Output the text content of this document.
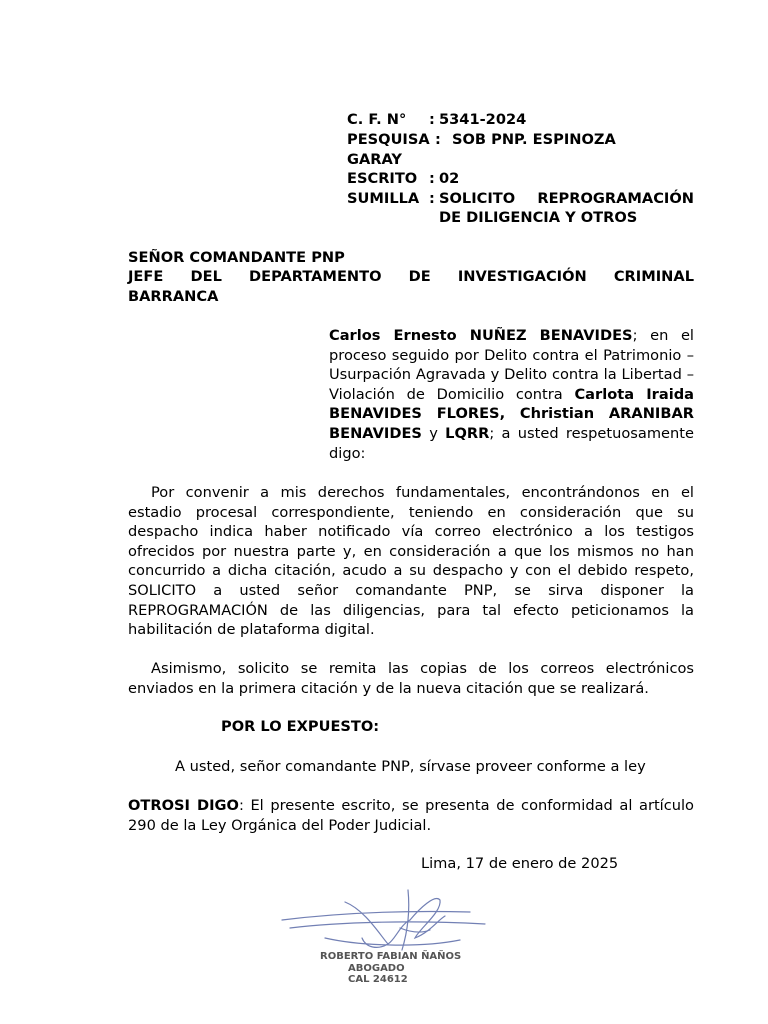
C. F. N°	: 5341-2024
PESQUISA : SOB PNP. ESPINOZA
GARAY
ESCRITO : 02
SUMILLA : SOLICITO REPROGRAMACIÓN
DE DILIGENCIA Y OTROS
SEÑOR COMANDANTE PNP
JEFE DEL DEPARTAMENTO DE INVESTIGACIÓN CRIMINAL
BARRANCA
Carlos Ernesto NUÑEZ BENAVIDES; en el proceso seguido por Delito contra el Patrimonio – Usurpación Agravada y Delito contra la Libertad – Violación de Domicilio contra Carlota Iraida BENAVIDES FLORES, Christian ARANIBAR BENAVIDES y LQRR; a usted respetuosamente digo:
Por convenir a mis derechos fundamentales, encontrándonos en el estadio procesal correspondiente, teniendo en consideración que su despacho indica haber notificado vía correo electrónico a los testigos ofrecidos por nuestra parte y, en consideración a que los mismos no han concurrido a dicha citación, acudo a su despacho y con el debido respeto, SOLICITO a usted señor comandante PNP, se sirva disponer la REPROGRAMACIÓN de las diligencias, para tal efecto peticionamos la habilitación de plataforma digital.
Asimismo, solicito se remita las copias de los correos electrónicos enviados en la primera citación y de la nueva citación que se realizará.
POR LO EXPUESTO:
A usted, señor comandante PNP, sírvase proveer conforme a ley
OTROSI DIGO: El presente escrito, se presenta de conformidad al artículo 290 de la Ley Orgánica del Poder Judicial.
Lima, 17 de enero de 2025
ROBERTO FABIAN ÑAÑOS
ABOGADO
CAL 24612
